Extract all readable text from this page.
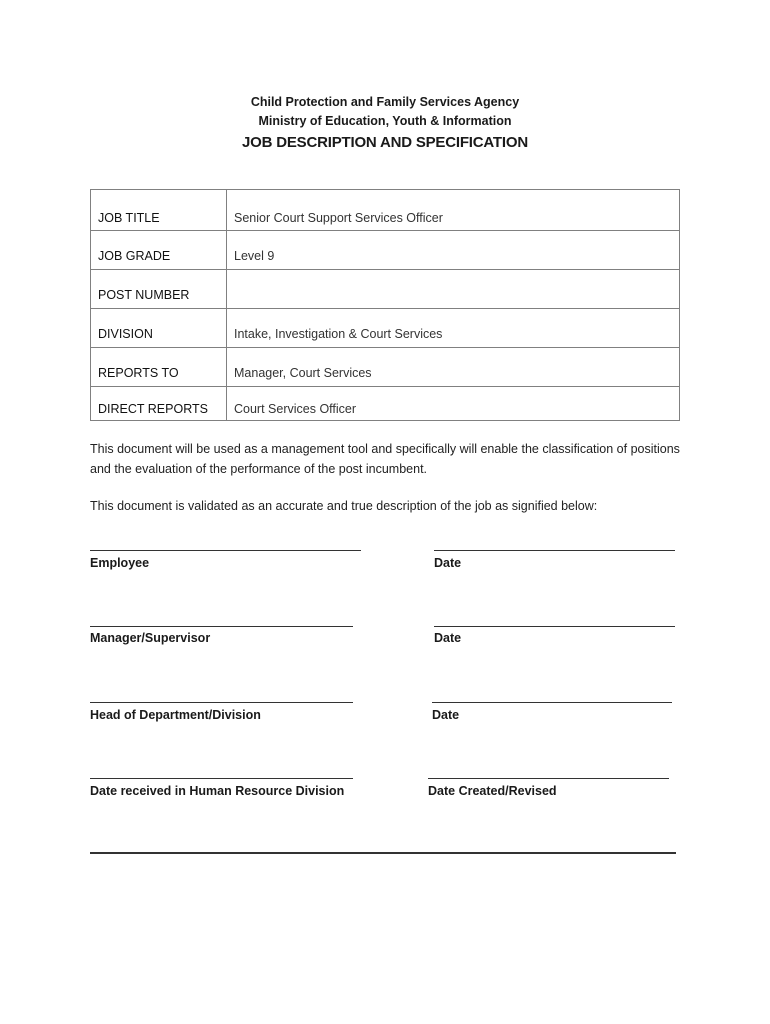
Child Protection and Family Services Agency
Ministry of Education, Youth & Information
JOB DESCRIPTION AND SPECIFICATION
JOB TITLE	Senior Court Support Services Officer
JOB GRADE	Level 9
POST NUMBER	
DIVISION	Intake, Investigation & Court Services
REPORTS TO	Manager, Court Services
DIRECT REPORTS	Court Services Officer
This document will be used as a management tool and specifically will enable the classification of positions and the evaluation of the performance of the post incumbent.
This document is validated as an accurate and true description of the job as signified below:
Employee	Date
Manager/Supervisor	Date
Head of Department/Division	Date
Date received in Human Resource Division	Date Created/Revised
